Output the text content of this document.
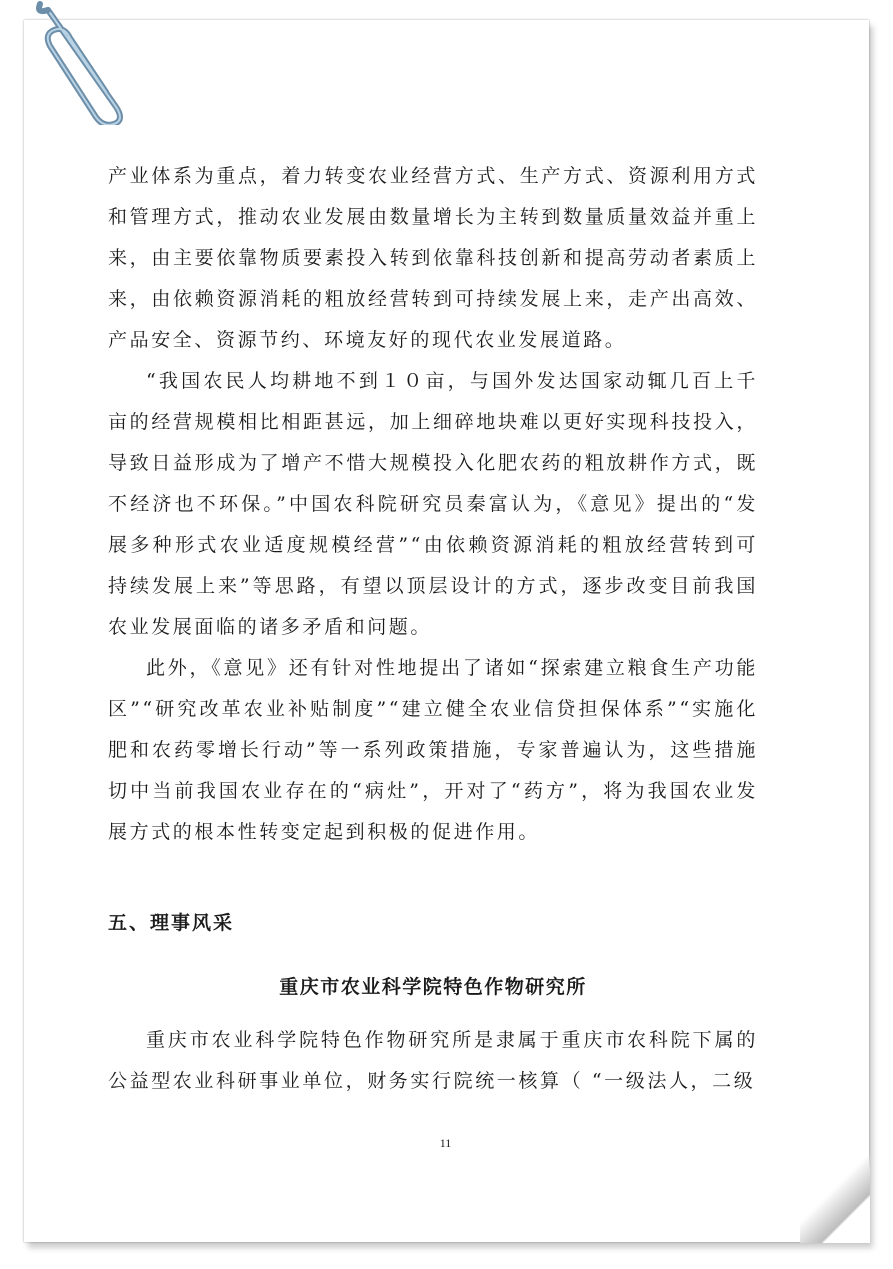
产业体系为重点，着力转变农业经营方式、生产方式、资源利用方式和管理方式，推动农业发展由数量增长为主转到数量质量效益并重上来，由主要依靠物质要素投入转到依靠科技创新和提高劳动者素质上来，由依赖资源消耗的粗放经营转到可持续发展上来，走产出高效、产品安全、资源节约、环境友好的现代农业发展道路。

“我国农民人均耕地不到１０亩，与国外发达国家动辄几百上千亩的经营规模相比相距甚远，加上细碎地块难以更好实现科技投入，导致日益形成为了增产不惜大规模投入化肥农药的粗放耕作方式，既不经济也不环保。”中国农科院研究员秦富认为，《意见》提出的“发展多种形式农业适度规模经营”“由依赖资源消耗的粗放经营转到可持续发展上来”等思路，有望以顶层设计的方式，逐步改变目前我国农业发展面临的诸多矛盾和问题。

此外，《意见》还有针对性地提出了诸如“探索建立粮食生产功能区”“研究改革农业补贴制度”“建立健全农业信贷担保体系”“实施化肥和农药零增长行动”等一系列政策措施，专家普遍认为，这些措施切中当前我国农业存在的“病灶”，开对了“药方”，将为我国农业发展方式的根本性转变定起到积极的促进作用。

五、理事风采
重庆市农业科学院特色作物研究所

重庆市农业科学院特色作物研究所是隶属于重庆市农科院下属的公益型农业科研事业单位，财务实行院统一核算（ “一级法人，二级

11
